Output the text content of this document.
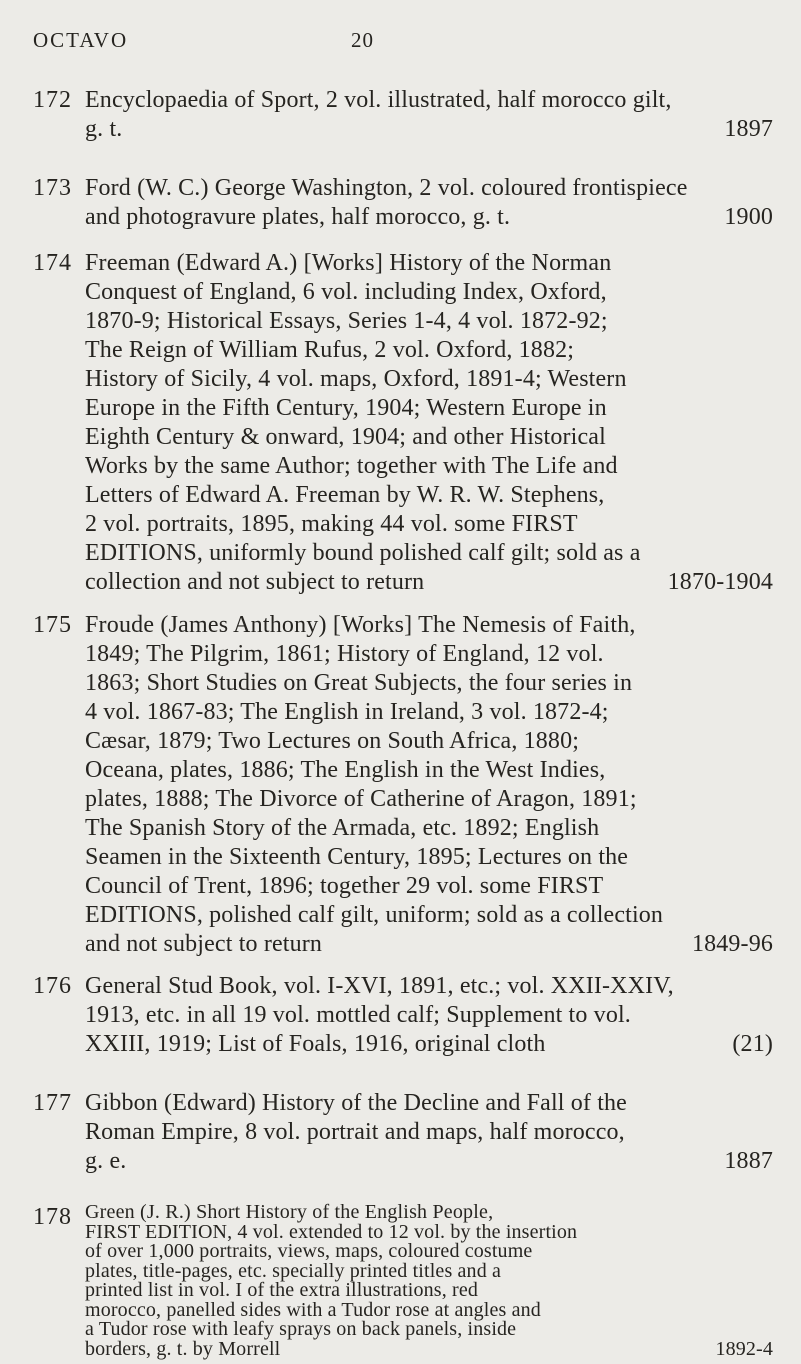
OCTAVO	20
172 Encyclopaedia of Sport, 2 vol. illustrated, half morocco gilt,
g. t.	1897
173 Ford (W. C.) George Washington, 2 vol. coloured frontispiece
and photogravure plates, half morocco, g. t.	1900
174 Freeman (Edward A.) [Works] History of the Norman
Conquest of England, 6 vol. including Index, Oxford,
1870-9; Historical Essays, Series 1-4, 4 vol. 1872-92;
The Reign of William Rufus, 2 vol. Oxford, 1882;
History of Sicily, 4 vol. maps, Oxford, 1891-4; Western
Europe in the Fifth Century, 1904; Western Europe in
Eighth Century & onward, 1904; and other Historical
Works by the same Author; together with The Life and
Letters of Edward A. Freeman by W. R. W. Stephens,
2 vol. portraits, 1895, making 44 vol. some FIRST
EDITIONS, uniformly bound polished calf gilt; sold as a
collection and not subject to return	1870-1904
175 Froude (James Anthony) [Works] The Nemesis of Faith,
1849; The Pilgrim, 1861; History of England, 12 vol.
1863; Short Studies on Great Subjects, the four series in
4 vol. 1867-83; The English in Ireland, 3 vol. 1872-4;
Cæsar, 1879; Two Lectures on South Africa, 1880;
Oceana, plates, 1886; The English in the West Indies,
plates, 1888; The Divorce of Catherine of Aragon, 1891;
The Spanish Story of the Armada, etc. 1892; English
Seamen in the Sixteenth Century, 1895; Lectures on the
Council of Trent, 1896; together 29 vol. some FIRST
EDITIONS, polished calf gilt, uniform; sold as a collection
and not subject to return	1849-96
176 General Stud Book, vol. I-XVI, 1891, etc.; vol. XXII-XXIV,
1913, etc. in all 19 vol. mottled calf; Supplement to vol.
XXIII, 1919; List of Foals, 1916, original cloth	(21)
177 Gibbon (Edward) History of the Decline and Fall of the
Roman Empire, 8 vol. portrait and maps, half morocco,
g. e.	1887
178 Green (J. R.) Short History of the English People,
FIRST EDITION, 4 vol. extended to 12 vol. by the insertion
of over 1,000 portraits, views, maps, coloured costume
plates, title-pages, etc. specially printed titles and a
printed list in vol. I of the extra illustrations, red
morocco, panelled sides with a Tudor rose at angles and
a Tudor rose with leafy sprays on back panels, inside
borders, g. t. by Morrell	1892-4
